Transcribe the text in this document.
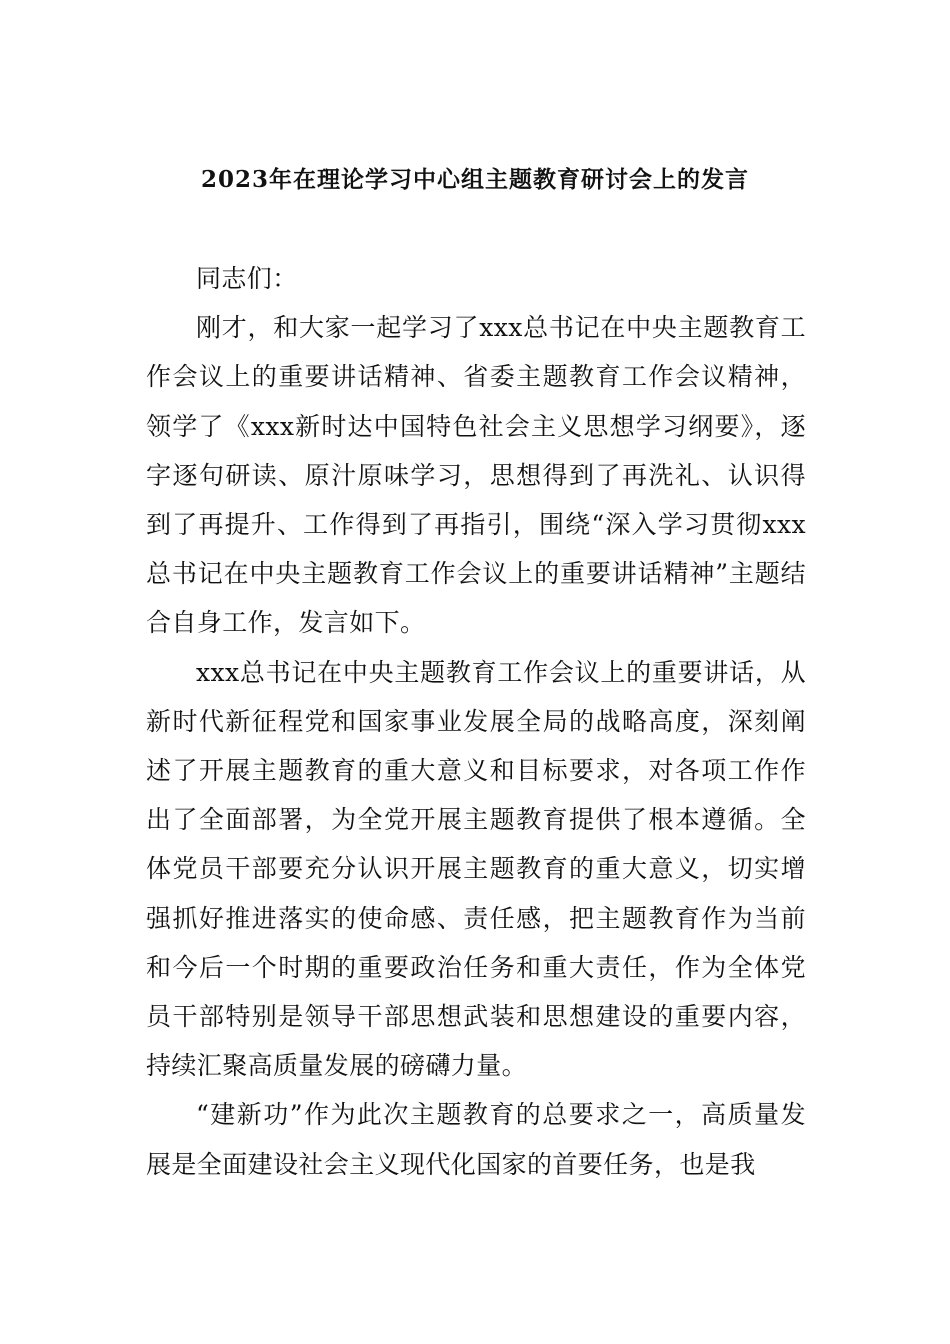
2023年在理论学习中心组主题教育研讨会上的发言

同志们：

刚才，和大家一起学习了xxx总书记在中央主题教育工作会议上的重要讲话精神、省委主题教育工作会议精神，领学了《xxx新时达中国特色社会主义思想学习纲要》，逐字逐句研读、原汁原味学习，思想得到了再洗礼、认识得到了再提升、工作得到了再指引，围绕“深入学习贯彻xxx总书记在中央主题教育工作会议上的重要讲话精神”主题结合自身工作，发言如下。

xxx总书记在中央主题教育工作会议上的重要讲话，从新时代新征程党和国家事业发展全局的战略高度，深刻阐述了开展主题教育的重大意义和目标要求，对各项工作作出了全面部署，为全党开展主题教育提供了根本遵循。全体党员干部要充分认识开展主题教育的重大意义，切实增强抓好推进落实的使命感、责任感，把主题教育作为当前和今后一个时期的重要政治任务和重大责任，作为全体党员干部特别是领导干部思想武装和思想建设的重要内容，持续汇聚高质量发展的磅礴力量。

“建新功”作为此次主题教育的总要求之一，高质量发展是全面建设社会主义现代化国家的首要任务，也是我
